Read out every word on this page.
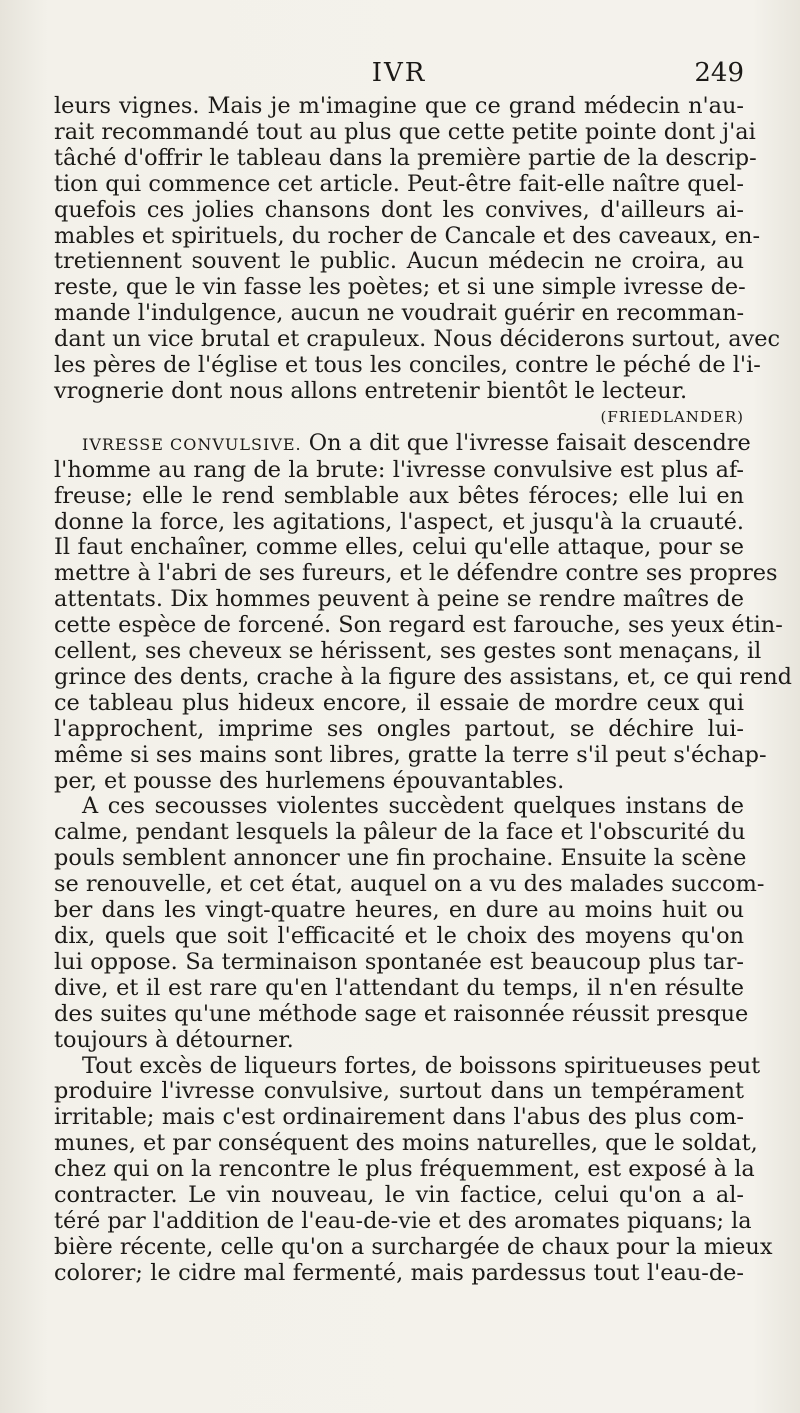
IVR	249
leurs vignes. Mais je m'imagine que ce grand médecin n'au-
rait recommandé tout au plus que cette petite pointe dont j'ai
tâché d'offrir le tableau dans la première partie de la descrip-
tion qui commence cet article. Peut-être fait-elle naître quel-
quefois ces jolies chansons dont les convives, d'ailleurs ai-
mables et spirituels, du rocher de Cancale et des caveaux, en-
tretiennent souvent le public. Aucun médecin ne croira, au
reste, que le vin fasse les poètes; et si une simple ivresse de-
mande l'indulgence, aucun ne voudrait guérir en recomman-
dant un vice brutal et crapuleux. Nous déciderons surtout, avec
les pères de l'église et tous les conciles, contre le péché de l'i-
vrognerie dont nous allons entretenir bientôt le lecteur.
(FRIEDLANDER)
IVRESSE CONVULSIVE. On a dit que l'ivresse faisait descendre
l'homme au rang de la brute: l'ivresse convulsive est plus af-
freuse; elle le rend semblable aux bêtes féroces; elle lui en
donne la force, les agitations, l'aspect, et jusqu'à la cruauté.
Il faut enchaîner, comme elles, celui qu'elle attaque, pour se
mettre à l'abri de ses fureurs, et le défendre contre ses propres
attentats. Dix hommes peuvent à peine se rendre maîtres de
cette espèce de forcené. Son regard est farouche, ses yeux étin-
cellent, ses cheveux se hérissent, ses gestes sont menaçans, il
grince des dents, crache à la figure des assistans, et, ce qui rend
ce tableau plus hideux encore, il essaie de mordre ceux qui
l'approchent, imprime ses ongles partout, se déchire lui-
même si ses mains sont libres, gratte la terre s'il peut s'échap-
per, et pousse des hurlemens épouvantables.
A ces secousses violentes succèdent quelques instans de
calme, pendant lesquels la pâleur de la face et l'obscurité du
pouls semblent annoncer une fin prochaine. Ensuite la scène
se renouvelle, et cet état, auquel on a vu des malades succom-
ber dans les vingt-quatre heures, en dure au moins huit ou
dix, quels que soit l'efficacité et le choix des moyens qu'on
lui oppose. Sa terminaison spontanée est beaucoup plus tar-
dive, et il est rare qu'en l'attendant du temps, il n'en résulte
des suites qu'une méthode sage et raisonnée réussit presque
toujours à détourner.
Tout excès de liqueurs fortes, de boissons spiritueuses peut
produire l'ivresse convulsive, surtout dans un tempérament
irritable; mais c'est ordinairement dans l'abus des plus com-
munes, et par conséquent des moins naturelles, que le soldat,
chez qui on la rencontre le plus fréquemment, est exposé à la
contracter. Le vin nouveau, le vin factice, celui qu'on a al-
téré par l'addition de l'eau-de-vie et des aromates piquans; la
bière récente, celle qu'on a surchargée de chaux pour la mieux
colorer; le cidre mal fermenté, mais pardessus tout l'eau-de-
